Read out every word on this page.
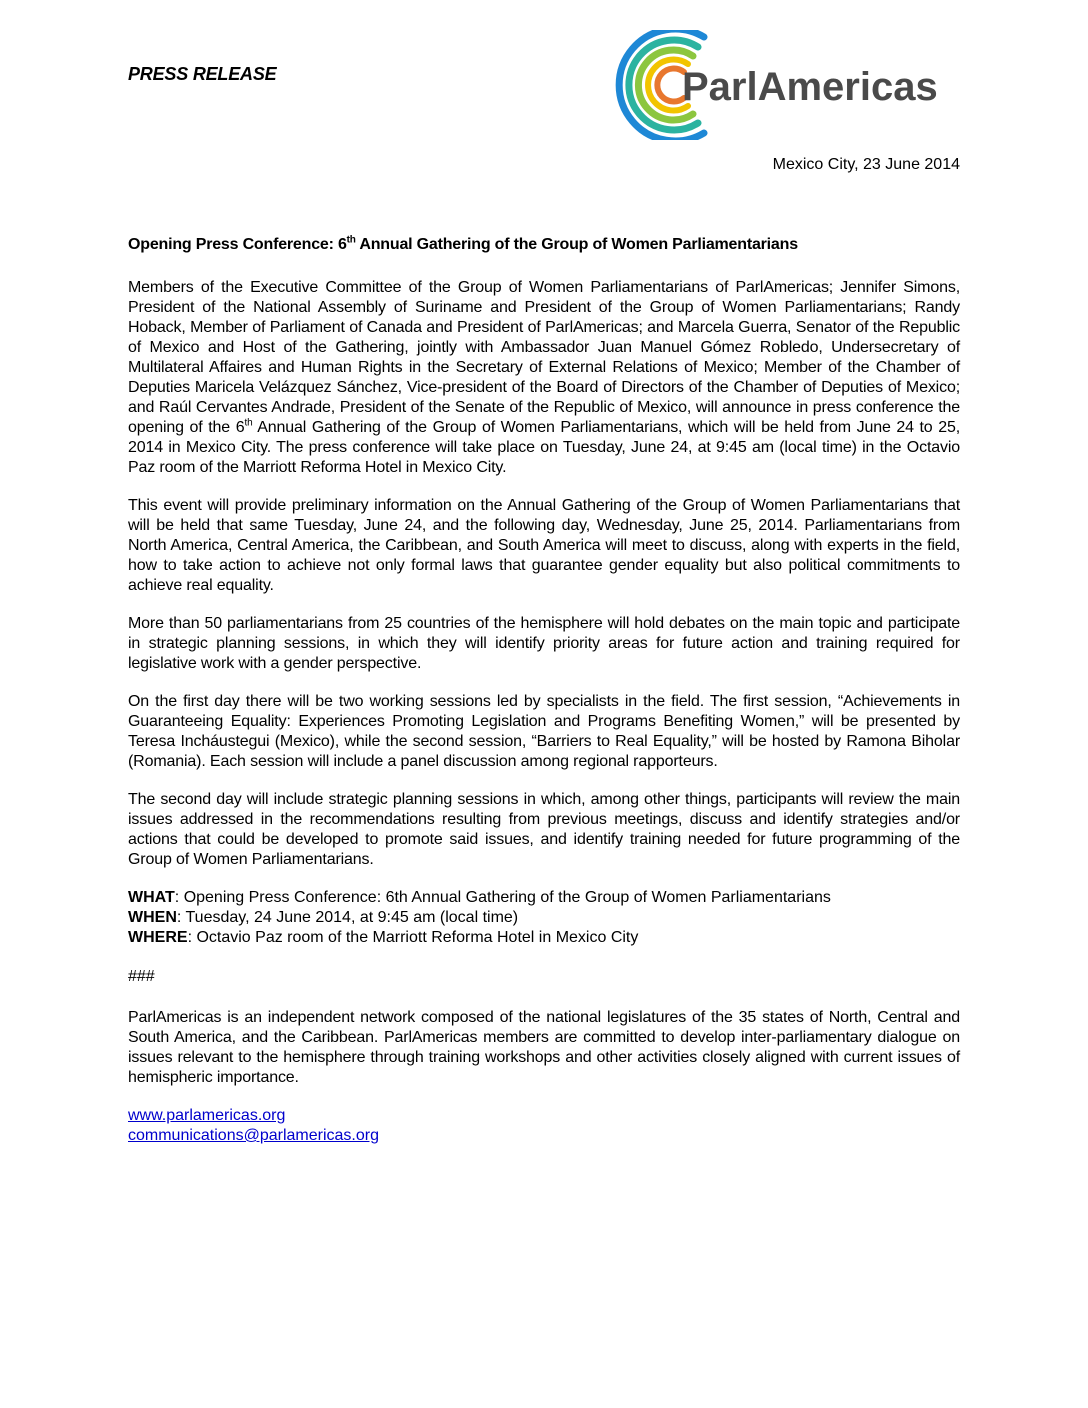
PRESS RELEASE	ParlAmericas
Mexico City, 23 June 2014
Opening Press Conference: 6th Annual Gathering of the Group of Women Parliamentarians

Members of the Executive Committee of the Group of Women Parliamentarians of ParlAmericas; Jennifer Simons, President of the National Assembly of Suriname and President of the Group of Women Parliamentarians; Randy Hoback, Member of Parliament of Canada and President of ParlAmericas; and Marcela Guerra, Senator of the Republic of Mexico and Host of the Gathering, jointly with Ambassador Juan Manuel Gómez Robledo, Undersecretary of Multilateral Affaires and Human Rights in the Secretary of External Relations of Mexico; Member of the Chamber of Deputies Maricela Velázquez Sánchez, Vice-president of the Board of Directors of the Chamber of Deputies of Mexico; and Raúl Cervantes Andrade, President of the Senate of the Republic of Mexico, will announce in press conference the opening of the 6th Annual Gathering of the Group of Women Parliamentarians, which will be held from June 24 to 25, 2014 in Mexico City. The press conference will take place on Tuesday, June 24, at 9:45 am (local time) in the Octavio Paz room of the Marriott Reforma Hotel in Mexico City.

This event will provide preliminary information on the Annual Gathering of the Group of Women Parliamentarians that will be held that same Tuesday, June 24, and the following day, Wednesday, June 25, 2014. Parliamentarians from North America, Central America, the Caribbean, and South America will meet to discuss, along with experts in the field, how to take action to achieve not only formal laws that guarantee gender equality but also political commitments to achieve real equality.

More than 50 parliamentarians from 25 countries of the hemisphere will hold debates on the main topic and participate in strategic planning sessions, in which they will identify priority areas for future action and training required for legislative work with a gender perspective.

On the first day there will be two working sessions led by specialists in the field. The first session, “Achievements in Guaranteeing Equality: Experiences Promoting Legislation and Programs Benefiting Women,” will be presented by Teresa Incháustegui (Mexico), while the second session, “Barriers to Real Equality,” will be hosted by Ramona Biholar (Romania). Each session will include a panel discussion among regional rapporteurs.

The second day will include strategic planning sessions in which, among other things, participants will review the main issues addressed in the recommendations resulting from previous meetings, discuss and identify strategies and/or actions that could be developed to promote said issues, and identify training needed for future programming of the Group of Women Parliamentarians.

WHAT: Opening Press Conference: 6th Annual Gathering of the Group of Women Parliamentarians
WHEN: Tuesday, 24 June 2014, at 9:45 am (local time)
WHERE: Octavio Paz room of the Marriott Reforma Hotel in Mexico City
###

ParlAmericas is an independent network composed of the national legislatures of the 35 states of North, Central and South America, and the Caribbean. ParlAmericas members are committed to develop inter-parliamentary dialogue on issues relevant to the hemisphere through training workshops and other activities closely aligned with current issues of hemispheric importance.

www.parlamericas.org
communications@parlamericas.org
